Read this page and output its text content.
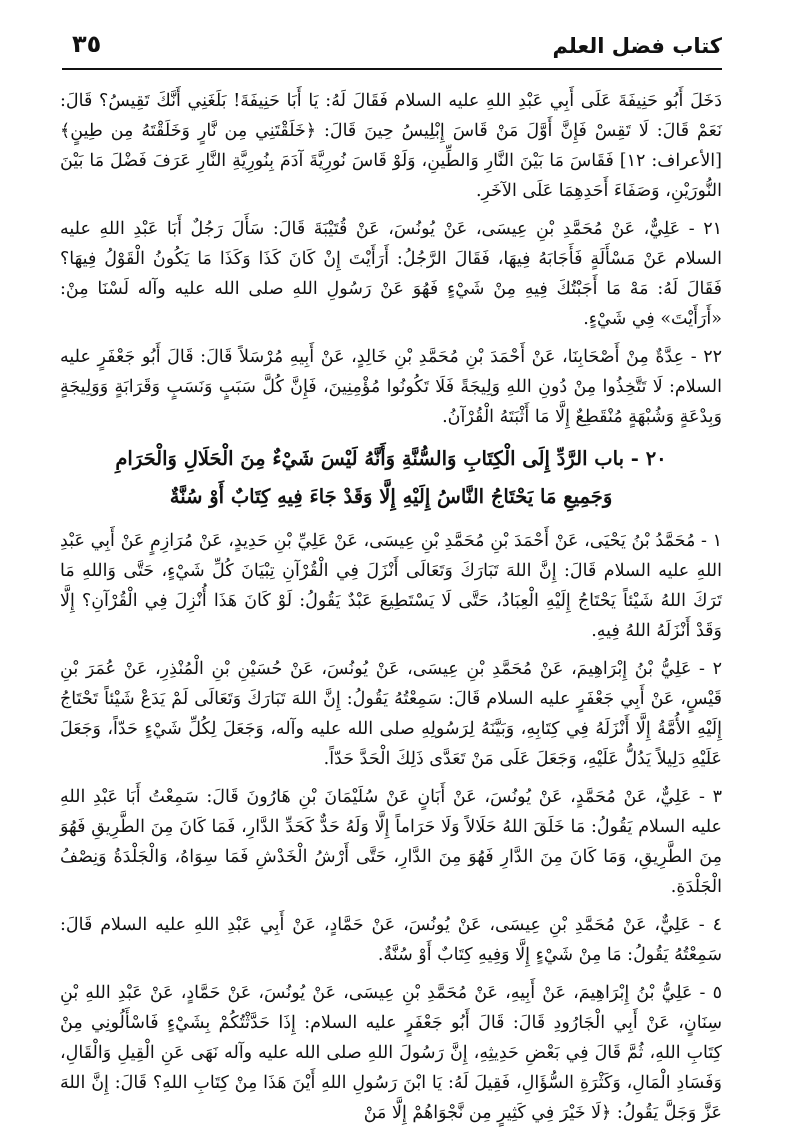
كتاب فضل العلم
٣٥

دَخَلَ أَبُو حَنِيفَةَ عَلَى أَبِي عَبْدِ اللهِ عليه السلام فَقَالَ لَهُ: يَا أَبَا حَنِيفَةَ! بَلَغَنِي أَنَّكَ تَقِيسُ؟ قَالَ: نَعَمْ قَالَ: لَا تَقِسْ فَإِنَّ أَوَّلَ مَنْ قَاسَ إِبْلِيسُ حِينَ قَالَ: ﴿خَلَقْتَنِي مِن نَّارٍ وَخَلَقْتَهُ مِن طِينٍ﴾ [الأعراف: ١٢] فَقَاسَ مَا بَيْنَ النَّارِ وَالطِّينِ، وَلَوْ قَاسَ نُورِيَّةَ آدَمَ بِنُورِيَّةِ النَّارِ عَرَفَ فَضْلَ مَا بَيْنَ النُّورَيْنِ، وَصَفَاءَ أَحَدِهِمَا عَلَى الآخَرِ.

٢١ - عَلِيٌّ، عَنْ مُحَمَّدِ بْنِ عِيسَى، عَنْ يُونُسَ، عَنْ قُتَيْبَةَ قَالَ: سَأَلَ رَجُلٌ أَبَا عَبْدِ اللهِ عليه السلام عَنْ مَسْأَلَةٍ فَأَجَابَهُ فِيهَا، فَقَالَ الرَّجُلُ: أَرَأَيْتَ إِنْ كَانَ كَذَا وَكَذَا مَا يَكُونُ الْقَوْلُ فِيهَا؟ فَقَالَ لَهُ: مَهْ مَا أَجَبْتُكَ فِيهِ مِنْ شَيْءٍ فَهُوَ عَنْ رَسُولِ اللهِ صلى الله عليه وآله لَسْنَا مِنْ: «أَرَأَيْتَ» فِي شَيْءٍ.

٢٢ - عِدَّةٌ مِنْ أَصْحَابِنَا، عَنْ أَحْمَدَ بْنِ مُحَمَّدِ بْنِ خَالِدٍ، عَنْ أَبِيهِ مُرْسَلاً قَالَ: قَالَ أَبُو جَعْفَرٍ عليه السلام: لَا تَتَّخِذُوا مِنْ دُونِ اللهِ وَلِيجَةً فَلَا تَكُونُوا مُؤْمِنِينَ، فَإِنَّ كُلَّ سَبَبٍ وَنَسَبٍ وَقَرَابَةٍ وَوَلِيجَةٍ وَبِدْعَةٍ وَشُبْهَةٍ مُنْقَطِعٌ إِلَّا مَا أَثْبَتَهُ الْقُرْآنُ.

٢٠ - باب الرَّدِّ إِلَى الْكِتَابِ وَالسُّنَّةِ وَأَنَّهُ لَيْسَ شَيْءٌ مِنَ الْحَلَالِ وَالْحَرَامِ
وَجَمِيعِ مَا يَحْتَاجُ النَّاسُ إِلَيْهِ إِلَّا وَقَدْ جَاءَ فِيهِ كِتَابٌ أَوْ سُنَّةٌ

١ - مُحَمَّدُ بْنُ يَحْيَى، عَنْ أَحْمَدَ بْنِ مُحَمَّدِ بْنِ عِيسَى، عَنْ عَلِيِّ بْنِ حَدِيدٍ، عَنْ مُرَازِمٍ عَنْ أَبِي عَبْدِ اللهِ عليه السلام قَالَ: إِنَّ اللهَ تَبَارَكَ وَتَعَالَى أَنْزَلَ فِي الْقُرْآنِ تِبْيَانَ كُلِّ شَيْءٍ، حَتَّى وَاللهِ مَا تَرَكَ اللهُ شَيْئاً يَحْتَاجُ إِلَيْهِ الْعِبَادُ، حَتَّى لَا يَسْتَطِيعَ عَبْدٌ يَقُولُ: لَوْ كَانَ هَذَا أُنْزِلَ فِي الْقُرْآنِ؟ إِلَّا وَقَدْ أَنْزَلَهُ اللهُ فِيهِ.

٢ - عَلِيُّ بْنُ إِبْرَاهِيمَ، عَنْ مُحَمَّدِ بْنِ عِيسَى، عَنْ يُونُسَ، عَنْ حُسَيْنِ بْنِ الْمُنْذِرِ، عَنْ عُمَرَ بْنِ قَيْسٍ، عَنْ أَبِي جَعْفَرٍ عليه السلام قَالَ: سَمِعْتُهُ يَقُولُ: إِنَّ اللهَ تَبَارَكَ وَتَعَالَى لَمْ يَدَعْ شَيْئاً تَحْتَاجُ إِلَيْهِ الأُمَّةُ إِلَّا أَنْزَلَهُ فِي كِتَابِهِ، وَبَيَّنَهُ لِرَسُولِهِ صلى الله عليه وآله، وَجَعَلَ لِكُلِّ شَيْءٍ حَدّاً، وَجَعَلَ عَلَيْهِ دَلِيلاً يَدُلُّ عَلَيْهِ، وَجَعَلَ عَلَى مَنْ تَعَدَّى ذَلِكَ الْحَدَّ حَدّاً.

٣ - عَلِيٌّ، عَنْ مُحَمَّدٍ، عَنْ يُونُسَ، عَنْ أَبَانٍ عَنْ سُلَيْمَانَ بْنِ هَارُونَ قَالَ: سَمِعْتُ أَبَا عَبْدِ اللهِ عليه السلام يَقُولُ: مَا خَلَقَ اللهُ حَلَالاً وَلَا حَرَاماً إِلَّا وَلَهُ حَدٌّ كَحَدِّ الدَّارِ، فَمَا كَانَ مِنَ الطَّرِيقِ فَهُوَ مِنَ الطَّرِيقِ، وَمَا كَانَ مِنَ الدَّارِ فَهُوَ مِنَ الدَّارِ، حَتَّى أَرْشُ الْخَدْشِ فَمَا سِوَاهُ، وَالْجَلْدَةُ وَنِصْفُ الْجَلْدَةِ.

٤ - عَلِيٌّ، عَنْ مُحَمَّدِ بْنِ عِيسَى، عَنْ يُونُسَ، عَنْ حَمَّادٍ، عَنْ أَبِي عَبْدِ اللهِ عليه السلام قَالَ: سَمِعْتُهُ يَقُولُ: مَا مِنْ شَيْءٍ إِلَّا وَفِيهِ كِتَابٌ أَوْ سُنَّةٌ.

٥ - عَلِيُّ بْنُ إِبْرَاهِيمَ، عَنْ أَبِيهِ، عَنْ مُحَمَّدِ بْنِ عِيسَى، عَنْ يُونُسَ، عَنْ حَمَّادٍ، عَنْ عَبْدِ اللهِ بْنِ سِنَانٍ، عَنْ أَبِي الْجَارُودِ قَالَ: قَالَ أَبُو جَعْفَرٍ عليه السلام: إِذَا حَدَّثْتُكُمْ بِشَيْءٍ فَاسْأَلُونِي مِنْ كِتَابِ اللهِ، ثُمَّ قَالَ فِي بَعْضِ حَدِيثِهِ، إِنَّ رَسُولَ اللهِ صلى الله عليه وآله نَهَى عَنِ الْقِيلِ وَالْقَالِ، وَفَسَادِ الْمَالِ، وَكَثْرَةِ السُّؤَالِ، فَقِيلَ لَهُ: يَا ابْنَ رَسُولِ اللهِ أَيْنَ هَذَا مِنْ كِتَابِ اللهِ؟ قَالَ: إِنَّ اللهَ عَزَّ وَجَلَّ يَقُولُ: ﴿لَا خَيْرَ فِي كَثِيرٍ مِن نَّجْوَاهُمْ إِلَّا مَنْ
